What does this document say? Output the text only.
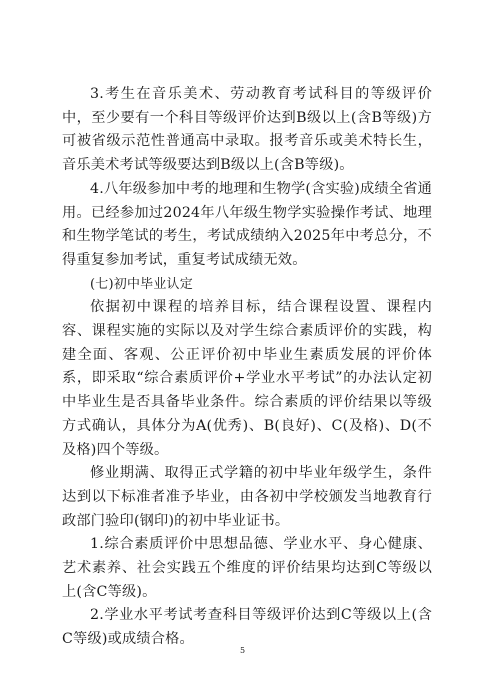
3.考生在音乐美术、劳动教育考试科目的等级评价中，至少要有一个科目等级评价达到B级以上(含B等级)方可被省级示范性普通高中录取。报考音乐或美术特长生，音乐美术考试等级要达到B级以上(含B等级)。

4.八年级参加中考的地理和生物学(含实验)成绩全省通用。已经参加过2024年八年级生物学实验操作考试、地理和生物学笔试的考生，考试成绩纳入2025年中考总分，不得重复参加考试，重复考试成绩无效。

(七)初中毕业认定

依据初中课程的培养目标，结合课程设置、课程内容、课程实施的实际以及对学生综合素质评价的实践，构建全面、客观、公正评价初中毕业生素质发展的评价体系，即采取“综合素质评价+学业水平考试”的办法认定初中毕业生是否具备毕业条件。综合素质的评价结果以等级方式确认，具体分为A(优秀)、B(良好)、C(及格)、D(不及格)四个等级。

修业期满、取得正式学籍的初中毕业年级学生，条件达到以下标准者准予毕业，由各初中学校颁发当地教育行政部门验印(钢印)的初中毕业证书。

1.综合素质评价中思想品德、学业水平、身心健康、艺术素养、社会实践五个维度的评价结果均达到C等级以上(含C等级)。

2.学业水平考试考查科目等级评价达到C等级以上(含C等级)或成绩合格。

5
